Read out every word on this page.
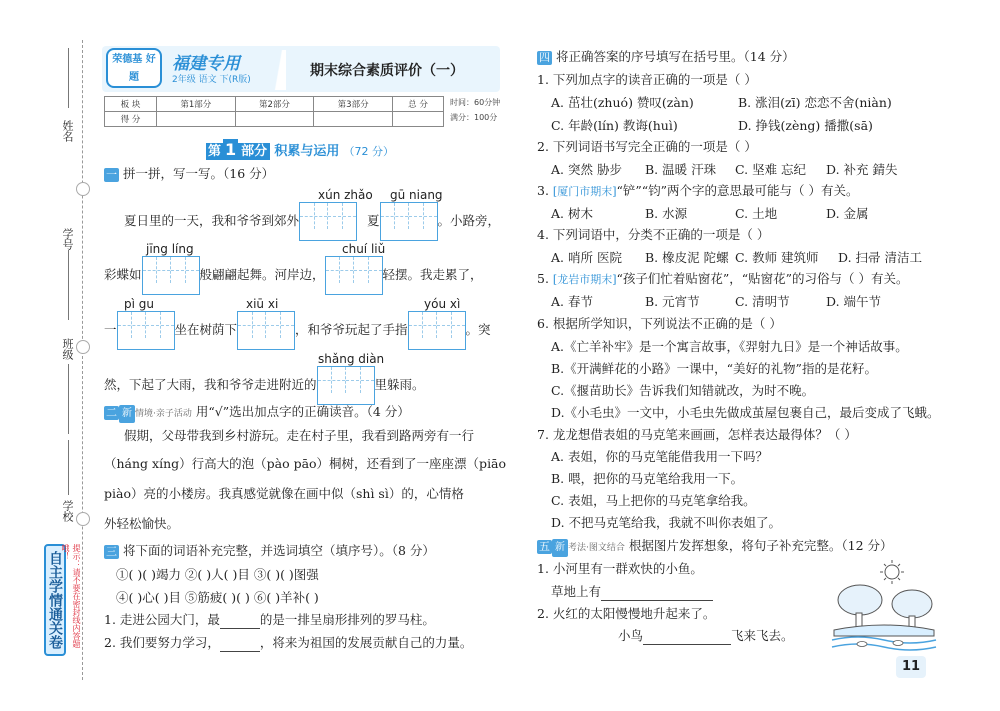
姓名
学号
班级
学校
自主学情通关卷	提示：请不要在密封线内答题哦！
荣德基 好题
福建专用
2年级 语文 下(R版)
期末综合素质评价（一）
板 块	第1部分	第2部分	第3部分	总 分
得 分				
时间：60分钟
满分：100分
第 1 部分 积累与运用 （72 分）
一 拼一拼，写一写。（16 分）
xún zhǎo gū niang
夏日里的一天，我和爷爷到郊外	夏	。小路旁，
jīng líng	chuí liǔ
彩蝶如	般翩翩起舞。河岸边，	轻摆。我走累了，
pì gu	xiū xi	yóu xì
一	坐在树荫下	，和爷爷玩起了手指	。突
shǎng diàn
然，下起了大雨，我和爷爷走进附近的	里躲雨。
二 新 情境·亲子活动 用“√”选出加点字的正确读音。（4 分）
假期，父母带我到乡村游玩。走在村子里，我看到路两旁有一行
（háng xíng）行高大的泡（pào pāo）桐树，还看到了一座座漂（piāo
piào）亮的小楼房。我真感觉就像在画中似（shì sì）的，心情格
外轻松愉快。
三 将下面的词语补充完整，并选词填空（填序号）。（8 分）
①( )( )竭力 ②( )人( )目 ③( )( )图强
④( )心( )目 ⑤筋疲( )( ) ⑥( )羊补( )
1. 走进公园大门，最	的是一排呈扇形排列的罗马柱。
2. 我们要努力学习，	，将来为祖国的发展贡献自己的力量。
四 将正确答案的序号填写在括号里。（14 分）
1. 下列加点字的读音正确的一项是（ ）
A. 茁壮(zhuó) 赞叹(zàn)	B. 涨泪(zī) 恋恋不舍(niàn)
C. 年龄(lín) 教诲(huì)	D. 挣钱(zèng) 播撒(sā)
2. 下列词语书写完全正确的一项是（ ）
A. 突然 胁步 B. 温暖 汗珠 C. 坚难 忘纪 D. 补充 錆失
3. [厦门市期末]“铲”“钧”两个字的意思最可能与（ ）有关。
A. 树木	B. 水源	C. 土地	D. 金属
4. 下列词语中，分类不正确的一项是（ ）
A. 哨所 医院 B. 橡皮泥 陀螺 C. 教师 建筑师 D. 扫帚 清洁工
5. [龙岩市期末]“孩子们忙着贴窗花”，“贴窗花”的习俗与（ ）有关。
A. 春节	B. 元宵节	C. 清明节	D. 端午节
6. 根据所学知识，下列说法不正确的是（ ）
A.《亡羊补牢》是一个寓言故事，《羿射九日》是一个神话故事。
B.《开满鲜花的小路》一课中，“美好的礼物”指的是花籽。
C.《揠苗助长》告诉我们知错就改，为时不晚。
D.《小毛虫》一文中，小毛虫先做成茧屋包裹自己，最后变成了飞蛾。
7. 龙龙想借表姐的马克笔来画画，怎样表达最得体？（ ）
A. 表姐，你的马克笔能借我用一下吗？
B. 喂，把你的马克笔给我用一下。
C. 表姐，马上把你的马克笔拿给我。
D. 不把马克笔给我，我就不叫你表姐了。
五 新 考法·图文结合 根据图片发挥想象，将句子补充完整。（12 分）
1. 小河里有一群欢快的小鱼。
草地上有
2. 火红的太阳慢慢地升起来了。
小鸟	飞来飞去。
11
